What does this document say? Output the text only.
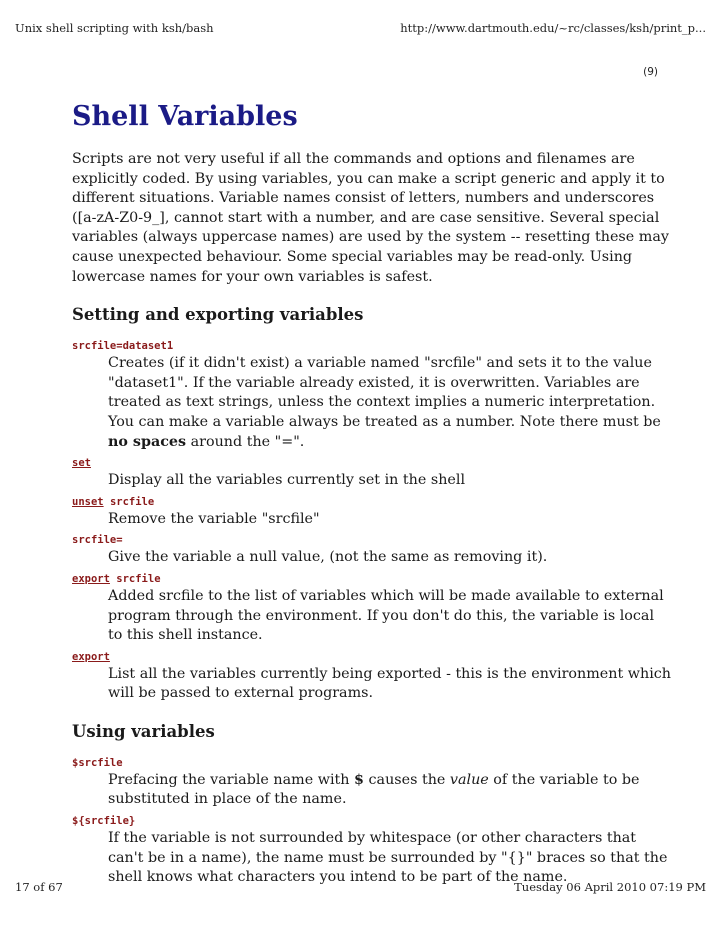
Unix shell scripting with ksh/bash	http://www.dartmouth.edu/~rc/classes/ksh/print_p...
(9)
Shell Variables

Scripts are not very useful if all the commands and options and filenames are explicitly coded. By using variables, you can make a script generic and apply it to different situations. Variable names consist of letters, numbers and underscores ([a-zA-Z0-9_], cannot start with a number, and are case sensitive. Several special variables (always uppercase names) are used by the system -- resetting these may cause unexpected behaviour. Some special variables may be read-only. Using lowercase names for your own variables is safest.

Setting and exporting variables
srcfile=dataset1
Creates (if it didn't exist) a variable named "srcfile" and sets it to the value "dataset1". If the variable already existed, it is overwritten. Variables are treated as text strings, unless the context implies a numeric interpretation. You can make a variable always be treated as a number. Note there must be no spaces around the "=".
set
Display all the variables currently set in the shell
unset srcfile
Remove the variable "srcfile"
srcfile=
Give the variable a null value, (not the same as removing it).
export srcfile
Added srcfile to the list of variables which will be made available to external program through the environment. If you don't do this, the variable is local to this shell instance.
export
List all the variables currently being exported - this is the environment which will be passed to external programs.
Using variables
$srcfile
Prefacing the variable name with $ causes the value of the variable to be substituted in place of the name.
${srcfile}
If the variable is not surrounded by whitespace (or other characters that can't be in a name), the name must be surrounded by "{}" braces so that the shell knows what characters you intend to be part of the name.
17 of 67	Tuesday 06 April 2010 07:19 PM
